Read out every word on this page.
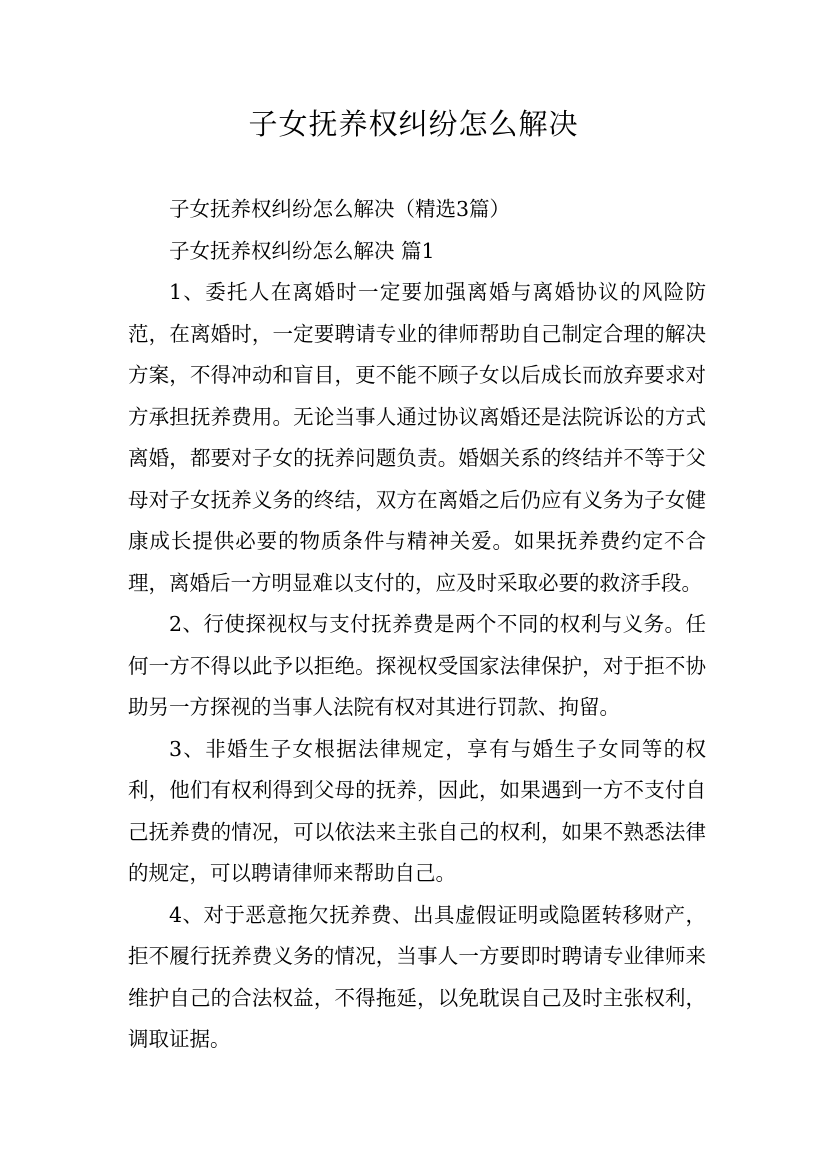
子女抚养权纠纷怎么解决

子女抚养权纠纷怎么解决（精选3篇）

子女抚养权纠纷怎么解决 篇1

1、委托人在离婚时一定要加强离婚与离婚协议的风险防范，在离婚时，一定要聘请专业的律师帮助自己制定合理的解决方案，不得冲动和盲目，更不能不顾子女以后成长而放弃要求对方承担抚养费用。无论当事人通过协议离婚还是法院诉讼的方式离婚，都要对子女的抚养问题负责。婚姻关系的终结并不等于父母对子女抚养义务的终结，双方在离婚之后仍应有义务为子女健康成长提供必要的物质条件与精神关爱。如果抚养费约定不合理，离婚后一方明显难以支付的，应及时采取必要的救济手段。

2、行使探视权与支付抚养费是两个不同的权利与义务。任何一方不得以此予以拒绝。探视权受国家法律保护，对于拒不协助另一方探视的当事人法院有权对其进行罚款、拘留。

3、非婚生子女根据法律规定，享有与婚生子女同等的权利，他们有权利得到父母的抚养，因此，如果遇到一方不支付自己抚养费的情况，可以依法来主张自己的权利，如果不熟悉法律的规定，可以聘请律师来帮助自己。

4、对于恶意拖欠抚养费、出具虚假证明或隐匿转移财产，拒不履行抚养费义务的情况，当事人一方要即时聘请专业律师来维护自己的合法权益，不得拖延，以免耽误自己及时主张权利，调取证据。
